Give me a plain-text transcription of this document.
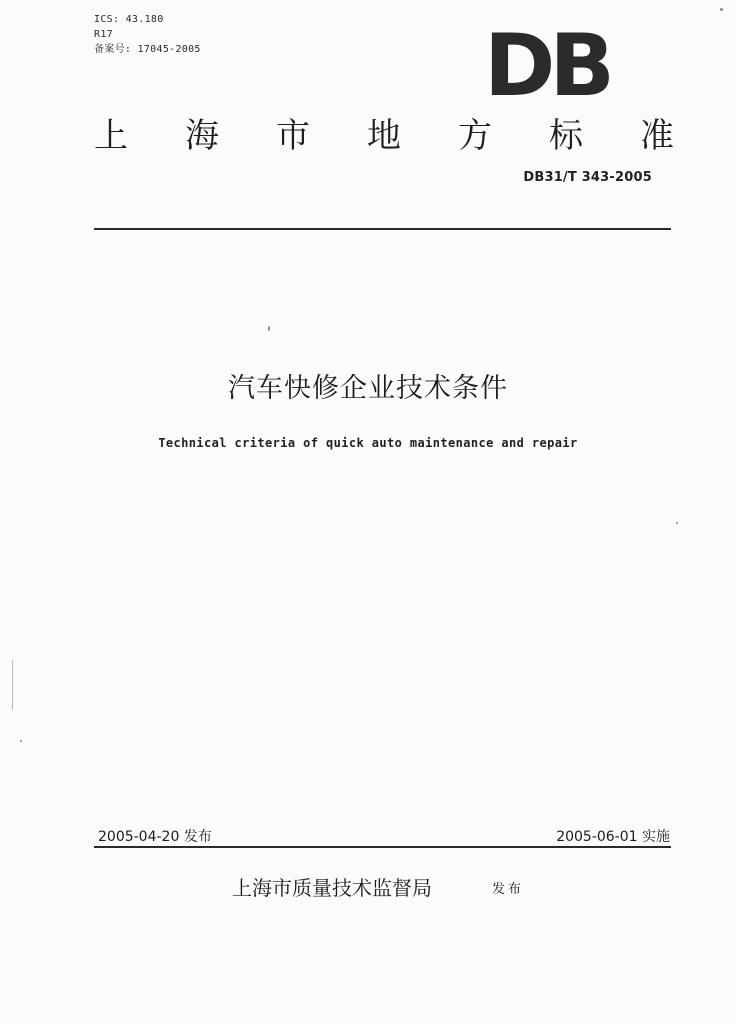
ICS: 43.180
R17
备案号: 17045-2005	DB
上 海 市 地 方 标 准
DB31/T 343-2005
汽车快修企业技术条件
Technical criteria of quick auto maintenance and repair
2005-04-20 发布	2005-06-01 实施
上海市质量技术监督局	发布
